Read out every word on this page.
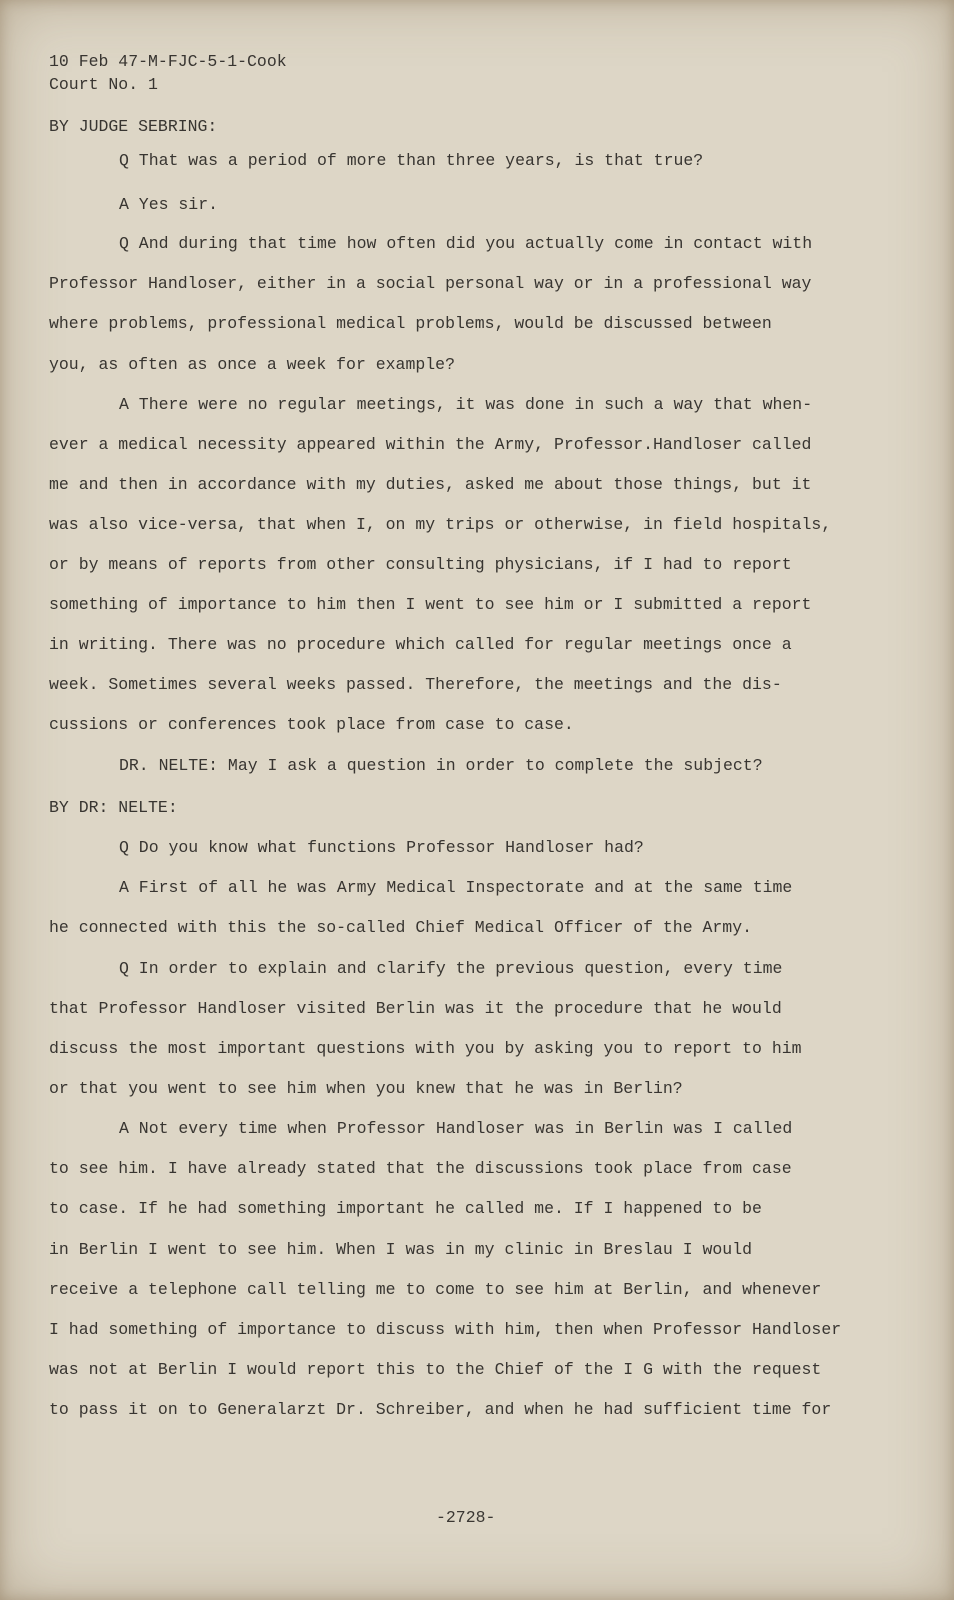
10 Feb 47-M-FJC-5-1-Cook
Court No. 1
BY JUDGE SEBRING:
Q That was a period of more than three years, is that true?
A Yes sir.
Q And during that time how often did you actually come in contact with
Professor Handloser, either in a social personal way or in a professional way
where problems, professional medical problems, would be discussed between
you, as often as once a week for example?
A There were no regular meetings, it was done in such a way that when-
ever a medical necessity appeared within the Army, Professor.Handloser called
me and then in accordance with my duties, asked me about those things, but it
was also vice-versa, that when I, on my trips or otherwise, in field hospitals,
or by means of reports from other consulting physicians, if I had to report
something of importance to him then I went to see him or I submitted a report
in writing. There was no procedure which called for regular meetings once a
week. Sometimes several weeks passed. Therefore, the meetings and the dis-
cussions or conferences took place from case to case.
DR. NELTE: May I ask a question in order to complete the subject?
BY DR: NELTE:
Q Do you know what functions Professor Handloser had?
A First of all he was Army Medical Inspectorate and at the same time
he connected with this the so-called Chief Medical Officer of the Army.
Q In order to explain and clarify the previous question, every time
that Professor Handloser visited Berlin was it the procedure that he would
discuss the most important questions with you by asking you to report to him
or that you went to see him when you knew that he was in Berlin?
A Not every time when Professor Handloser was in Berlin was I called
to see him. I have already stated that the discussions took place from case
to case. If he had something important he called me. If I happened to be
in Berlin I went to see him. When I was in my clinic in Breslau I would
receive a telephone call telling me to come to see him at Berlin, and whenever
I had something of importance to discuss with him, then when Professor Handloser
was not at Berlin I would report this to the Chief of the I G with the request
to pass it on to Generalarzt Dr. Schreiber, and when he had sufficient time for
-2728-
